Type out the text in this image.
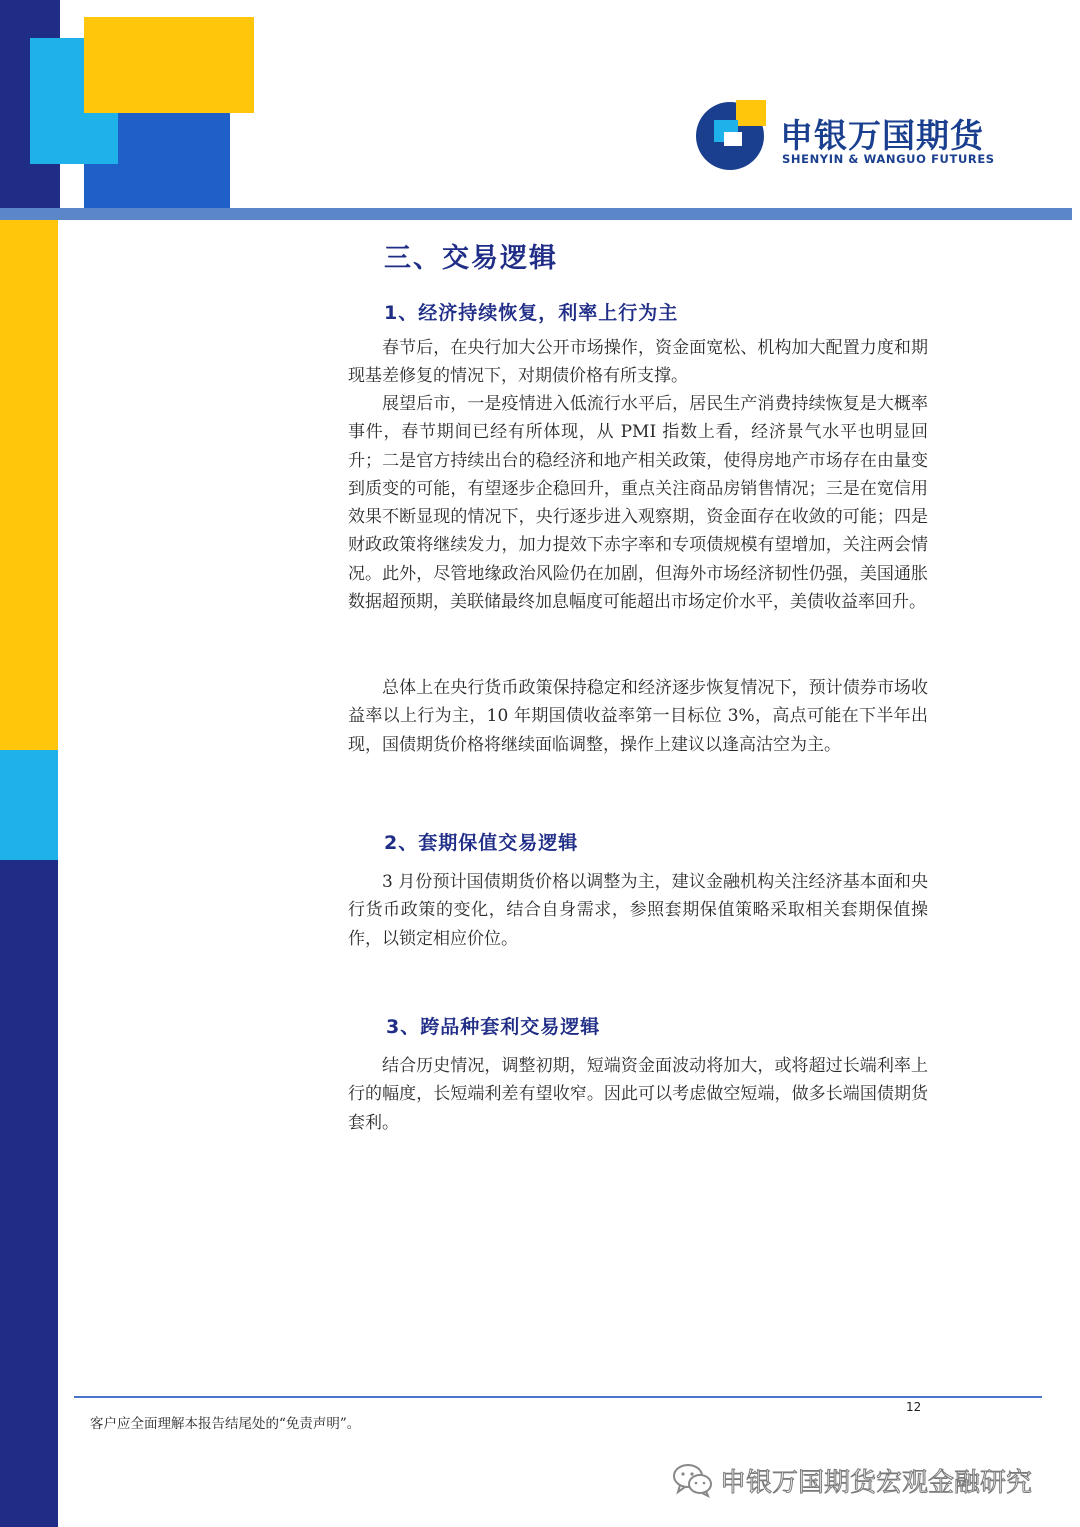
申银万国期货
SHENYIN & WANGUO FUTURES
三、交易逻辑
1、经济持续恢复，利率上行为主

春节后，在央行加大公开市场操作，资金面宽松、机构加大配置力度和期现基差修复的情况下，对期债价格有所支撑。

展望后市，一是疫情进入低流行水平后，居民生产消费持续恢复是大概率事件，春节期间已经有所体现，从 PMI 指数上看，经济景气水平也明显回升；二是官方持续出台的稳经济和地产相关政策，使得房地产市场存在由量变到质变的可能，有望逐步企稳回升，重点关注商品房销售情况；三是在宽信用效果不断显现的情况下，央行逐步进入观察期，资金面存在收敛的可能；四是财政政策将继续发力，加力提效下赤字率和专项债规模有望增加，关注两会情况。此外，尽管地缘政治风险仍在加剧，但海外市场经济韧性仍强，美国通胀数据超预期，美联储最终加息幅度可能超出市场定价水平，美债收益率回升。

总体上在央行货币政策保持稳定和经济逐步恢复情况下，预计债券市场收益率以上行为主，10 年期国债收益率第一目标位 3%，高点可能在下半年出现，国债期货价格将继续面临调整，操作上建议以逢高沽空为主。

2、套期保值交易逻辑

3 月份预计国债期货价格以调整为主，建议金融机构关注经济基本面和央行货币政策的变化，结合自身需求，参照套期保值策略采取相关套期保值操作，以锁定相应价位。

3、跨品种套利交易逻辑

结合历史情况，调整初期，短端资金面波动将加大，或将超过长端利率上行的幅度，长短端利差有望收窄。因此可以考虑做空短端，做多长端国债期货套利。

12
客户应全面理解本报告结尾处的“免责声明”。
申银万国期货宏观金融研究
